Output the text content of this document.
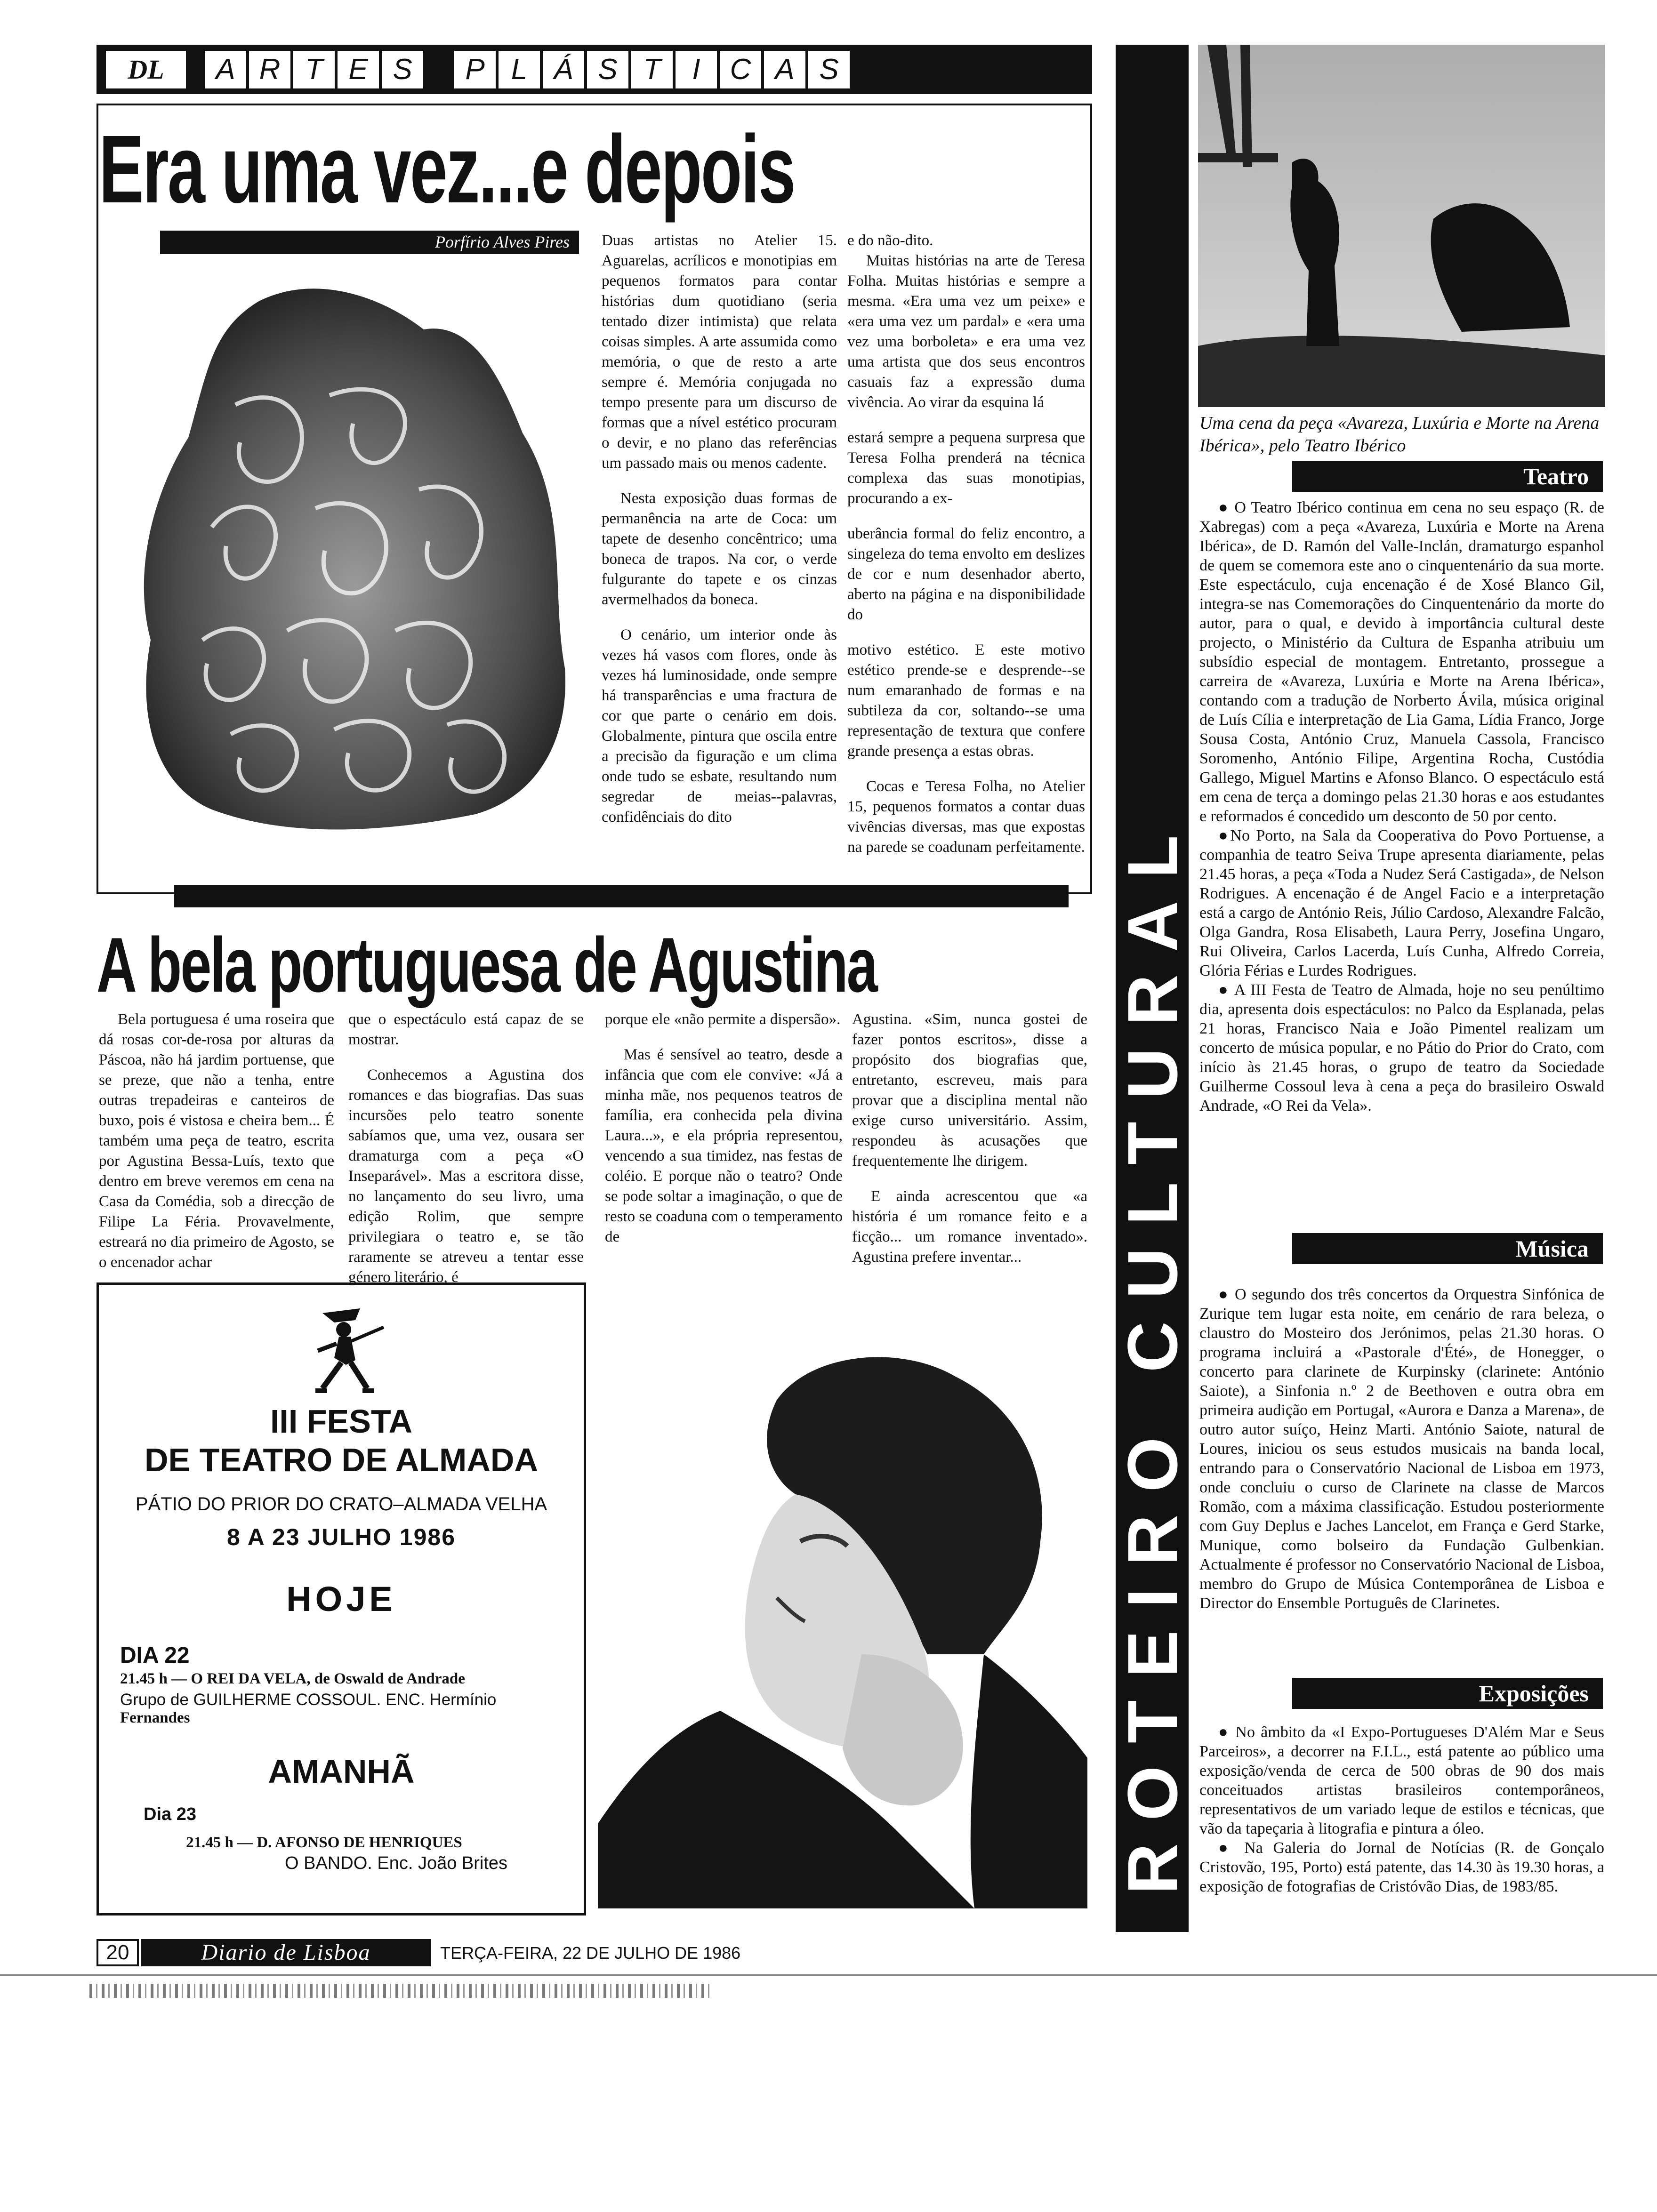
DL	A R T E S	P L Á S T	I	C A S
Era uma vez...e depois
Porfírio Alves Pires	Duas artistas no Atelier 15. Aguarelas, acrílicos e monotipias em pequenos formatos para contar histórias dum quotidiano (seria tentado dizer intimista) que relata coisas simples. A arte assumida como memória, o que de resto a arte sempre é. Memória conjugada no tempo presente para um discurso de formas que a nível estético procuram o devir, e no plano das referências um passado mais ou menos cadente.

Nesta exposição duas formas de permanência na arte de Coca: um tapete de desenho concêntrico; uma boneca de trapos. Na cor, o verde fulgurante do tapete e os cinzas avermelhados da boneca.

O cenário, um interior onde às vezes há vasos com flores, onde às vezes há luminosidade, onde sempre há transparências e uma fractura de cor que parte o cenário em dois. Globalmente, pintura que oscila entre a precisão da figuração e um clima onde tudo se esbate, resultando num segredar de meias--palavras, confidênciais do dito

e do não-dito.

Muitas histórias na arte de Teresa Folha. Muitas histórias e sempre a mesma. «Era uma vez um peixe» e «era uma vez um pardal» e «era uma vez uma borboleta» e era uma vez uma artista que dos seus encontros casuais faz a expressão duma vivência. Ao virar da esquina lá

estará sempre a pequena surpresa que Teresa Folha prenderá na técnica complexa das suas monotipias, procurando a ex-

uberância formal do feliz encontro, a singeleza do tema envolto em deslizes de cor e num desenhador aberto, aberto na página e na disponibilidade do

motivo estético. E este motivo estético prende-se e desprende--se num emaranhado de formas e na subtileza da cor, soltando--se uma representação de textura que confere grande presença a estas obras.

Cocas e Teresa Folha, no Atelier 15, pequenos formatos a contar duas vivências diversas, mas que expostas na parede se coadunam perfeitamente.

A bela portuguesa de Agustina

Bela portuguesa é uma roseira que dá rosas cor-de-rosa por alturas da Páscoa, não há jardim portuense, que se preze, que não a tenha, entre outras trepadeiras e canteiros de buxo, pois é vistosa e cheira bem... É também uma peça de teatro, escrita por Agustina Bessa-Luís, texto que dentro em breve veremos em cena na Casa da Comédia, sob a direcção de Filipe La Féria. Provavelmente, estreará no dia primeiro de Agosto, se o encenador achar

que o espectáculo está capaz de se mostrar.

Conhecemos a Agustina dos romances e das biografias. Das suas incursões pelo teatro sonente sabíamos que, uma vez, ousara ser dramaturga com a peça «O Inseparável». Mas a escritora disse, no lançamento do seu livro, uma edição Rolim, que sempre privilegiara o teatro e, se tão raramente se atreveu a tentar esse género literário, é

porque ele «não permite a dispersão».

Mas é sensível ao teatro, desde a infância que com ele convive: «Já a minha mãe, nos pequenos teatros de família, era conhecida pela divina Laura...», e ela própria representou, vencendo a sua timidez, nas festas de coléio. E porque não o teatro? Onde se pode soltar a imaginação, o que de resto se coaduna com o temperamento de

Agustina. «Sim, nunca gostei de fazer pontos escritos», disse a propósito dos biografias que, entretanto, escreveu, mais para provar que a disciplina mental não exige curso universitário. Assim, respondeu às acusações que frequentemente lhe dirigem.

E ainda acrescentou que «a história é um romance feito e a ficção... um romance inventado». Agustina prefere inventar...

III FESTA
DE TEATRO DE ALMADA
PÁTIO DO PRIOR DO CRATO–ALMADA VELHA
8 A 23 JULHO 1986
HOJE
DIA 22
21.45 h — O REI DA VELA, de Oswald de Andrade
Grupo de GUILHERME COSSOUL. ENC. Hermínio
Fernandes
AMANHÃ
Dia 23
21.45 h — D. AFONSO DE HENRIQUES
O BANDO. Enc. João Brites	ROTEIRO CULTURAL
Uma cena da peça «Avareza, Luxúria e Morte na Arena Ibérica», pelo Teatro Ibérico
Teatro

● O Teatro Ibérico continua em cena no seu espaço (R. de Xabregas) com a peça «Avareza, Luxúria e Morte na Arena Ibérica», de D. Ramón del Valle-Inclán, dramaturgo espanhol de quem se comemora este ano o cinquentenário da sua morte. Este espectáculo, cuja encenação é de Xosé Blanco Gil, integra-se nas Comemorações do Cinquentenário da morte do autor, para o qual, e devido à importância cultural deste projecto, o Ministério da Cultura de Espanha atribuiu um subsídio especial de montagem. Entretanto, prossegue a carreira de «Avareza, Luxúria e Morte na Arena Ibérica», contando com a tradução de Norberto Ávila, música original de Luís Cília e interpretação de Lia Gama, Lídia Franco, Jorge Sousa Costa, António Cruz, Manuela Cassola, Francisco Soromenho, António Filipe, Argentina Rocha, Custódia Gallego, Miguel Martins e Afonso Blanco. O espectáculo está em cena de terça a domingo pelas 21.30 horas e aos estudantes e reformados é concedido um desconto de 50 por cento.

●No Porto, na Sala da Cooperativa do Povo Portuense, a companhia de teatro Seiva Trupe apresenta diariamente, pelas 21.45 horas, a peça «Toda a Nudez Será Castigada», de Nelson Rodrigues. A encenação é de Angel Facio e a interpretação está a cargo de António Reis, Júlio Cardoso, Alexandre Falcão, Olga Gandra, Rosa Elisabeth, Laura Perry, Josefina Ungaro, Rui Oliveira, Carlos Lacerda, Luís Cunha, Alfredo Correia, Glória Férias e Lurdes Rodrigues.

● A III Festa de Teatro de Almada, hoje no seu penúltimo dia, apresenta dois espectáculos: no Palco da Esplanada, pelas 21 horas, Francisco Naia e João Pimentel realizam um concerto de música popular, e no Pátio do Prior do Crato, com início às 21.45 horas, o grupo de teatro da Sociedade Guilherme Cossoul leva à cena a peça do brasileiro Oswald Andrade, «O Rei da Vela».

Música

● O segundo dos três concertos da Orquestra Sinfónica de Zurique tem lugar esta noite, em cenário de rara beleza, o claustro do Mosteiro dos Jerónimos, pelas 21.30 horas. O programa incluirá a «Pastorale d'Été», de Honegger, o concerto para clarinete de Kurpinsky (clarinete: António Saiote), a Sinfonia n.º 2 de Beethoven e outra obra em primeira audição em Portugal, «Aurora e Danza a Marena», de outro autor suíço, Heinz Marti. António Saiote, natural de Loures, iniciou os seus estudos musicais na banda local, entrando para o Conservatório Nacional de Lisboa em 1973, onde concluiu o curso de Clarinete na classe de Marcos Romão, com a máxima classificação. Estudou posteriormente com Guy Deplus e Jaches Lancelot, em França e Gerd Starke, Munique, como bolseiro da Fundação Gulbenkian. Actualmente é professor no Conservatório Nacional de Lisboa, membro do Grupo de Música Contemporânea de Lisboa e Director do Ensemble Português de Clarinetes.

Exposições

● No âmbito da «I Expo-Portugueses D'Além Mar e Seus Parceiros», a decorrer na F.I.L., está patente ao público uma exposição/venda de cerca de 500 obras de 90 dos mais conceituados artistas brasileiros contemporâneos, representativos de um variado leque de estilos e técnicas, que vão da tapeçaria à litografia e pintura a óleo.

● Na Galeria do Jornal de Notícias (R. de Gonçalo Cristovão, 195, Porto) está patente, das 14.30 às 19.30 horas, a exposição de fotografias de Cristóvão Dias, de 1983/85.

20	Diario de Lisboa	TERÇA-FEIRA, 22 DE JULHO DE 1986
